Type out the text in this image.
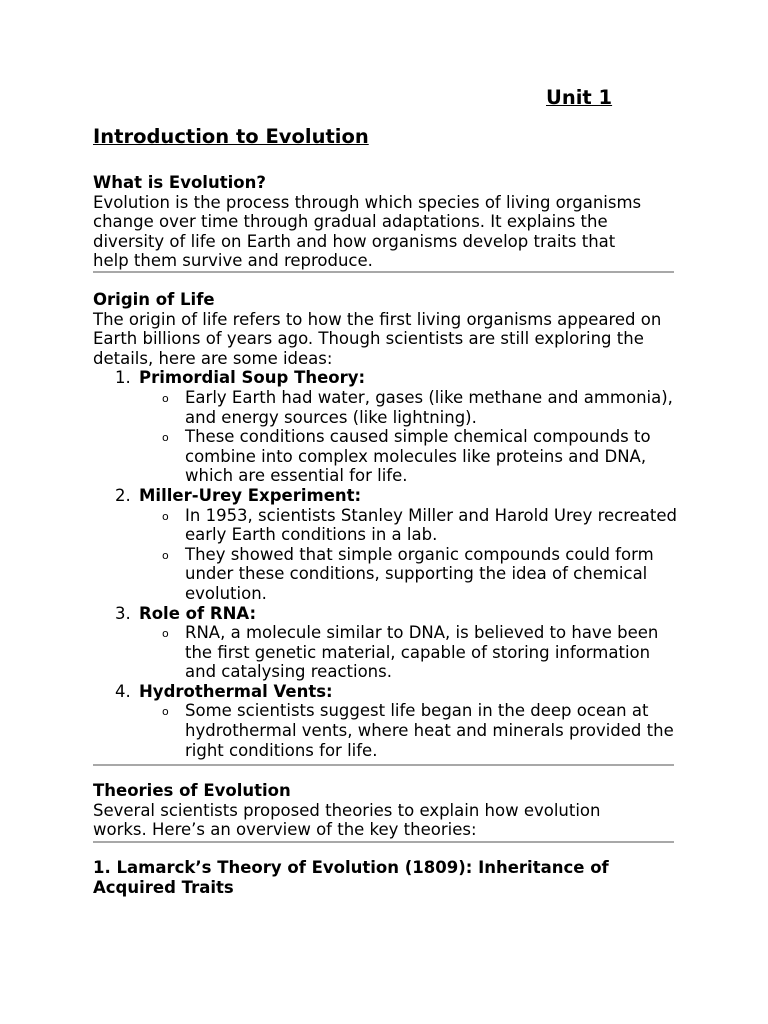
Unit 1
Introduction to Evolution
What is Evolution?

Evolution is the process through which species of living organisms change over time through gradual adaptations. It explains the diversity of life on Earth and how organisms develop traits that help them survive and reproduce.

Origin of Life

The origin of life refers to how the first living organisms appeared on Earth billions of years ago. Though scientists are still exploring the details, here are some ideas:

1. Primordial Soup Theory:
o Early Earth had water, gases (like methane and ammonia), and energy sources (like lightning).
o These conditions caused simple chemical compounds to combine into complex molecules like proteins and DNA, which are essential for life.
2. Miller-Urey Experiment:
o In 1953, scientists Stanley Miller and Harold Urey recreated early Earth conditions in a lab.
o They showed that simple organic compounds could form under these conditions, supporting the idea of chemical evolution.
3. Role of RNA:
o RNA, a molecule similar to DNA, is believed to have been the first genetic material, capable of storing information and catalysing reactions.
4. Hydrothermal Vents:
o Some scientists suggest life began in the deep ocean at hydrothermal vents, where heat and minerals provided the right conditions for life.
Theories of Evolution

Several scientists proposed theories to explain how evolution works. Here’s an overview of the key theories:

1. Lamarck’s Theory of Evolution (1809): Inheritance of Acquired Traits
